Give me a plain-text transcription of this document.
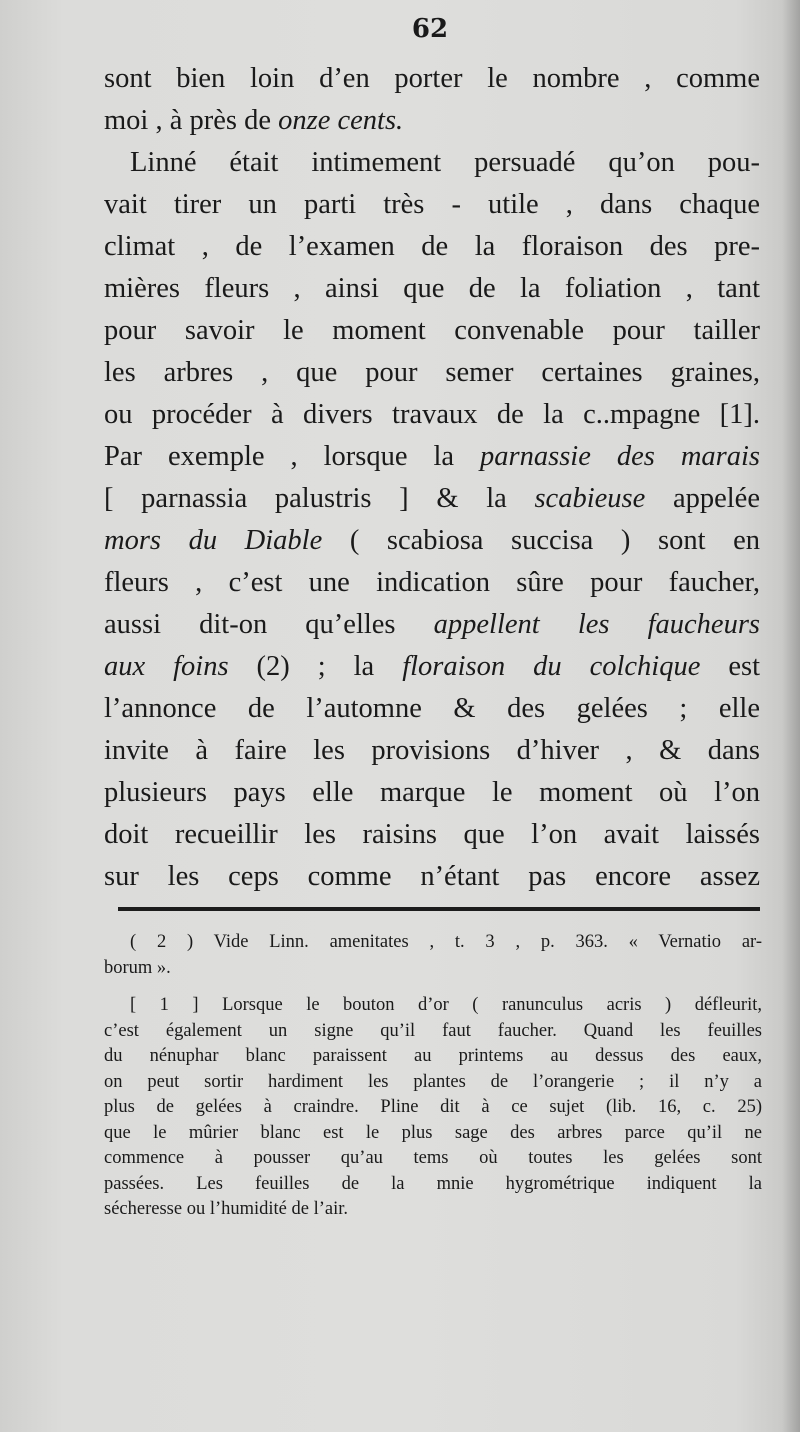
62
sont bien loin d’en porter le nombre , comme
moi , à près de onze cents.
Linné était intimement persuadé qu’on pou-
vait tirer un parti très - utile , dans chaque
climat , de l’examen de la floraison des pre-
mières fleurs , ainsi que de la foliation , tant
pour savoir le moment convenable pour tailler
les arbres , que pour semer certaines graines,
ou procéder à divers travaux de la c..mpagne [1].
Par exemple , lorsque la parnassie des marais
[ parnassia palustris ] & la scabieuse appelée
mors du Diable ( scabiosa succisa ) sont en
fleurs , c’est une indication sûre pour faucher,
aussi dit-on qu’elles appellent les faucheurs
aux foins (2) ; la floraison du colchique est
l’annonce de l’automne & des gelées ; elle
invite à faire les provisions d’hiver , & dans
plusieurs pays elle marque le moment où l’on
doit recueillir les raisins que l’on avait laissés
sur les ceps comme n’étant pas encore assez
( 2 ) Vide Linn. amenitates , t. 3 , p. 363. « Vernatio ar-
borum ».
[ 1 ] Lorsque le bouton d’or ( ranunculus acris ) défleurit,
c’est également un signe qu’il faut faucher. Quand les feuilles
du nénuphar blanc paraissent au printems au dessus des eaux,
on peut sortir hardiment les plantes de l’orangerie ; il n’y a
plus de gelées à craindre. Pline dit à ce sujet (lib. 16, c. 25)
que le mûrier blanc est le plus sage des arbres parce qu’il ne
commence à pousser qu’au tems où toutes les gelées sont
passées. Les feuilles de la mnie hygrométrique indiquent la
sécheresse ou l’humidité de l’air.
